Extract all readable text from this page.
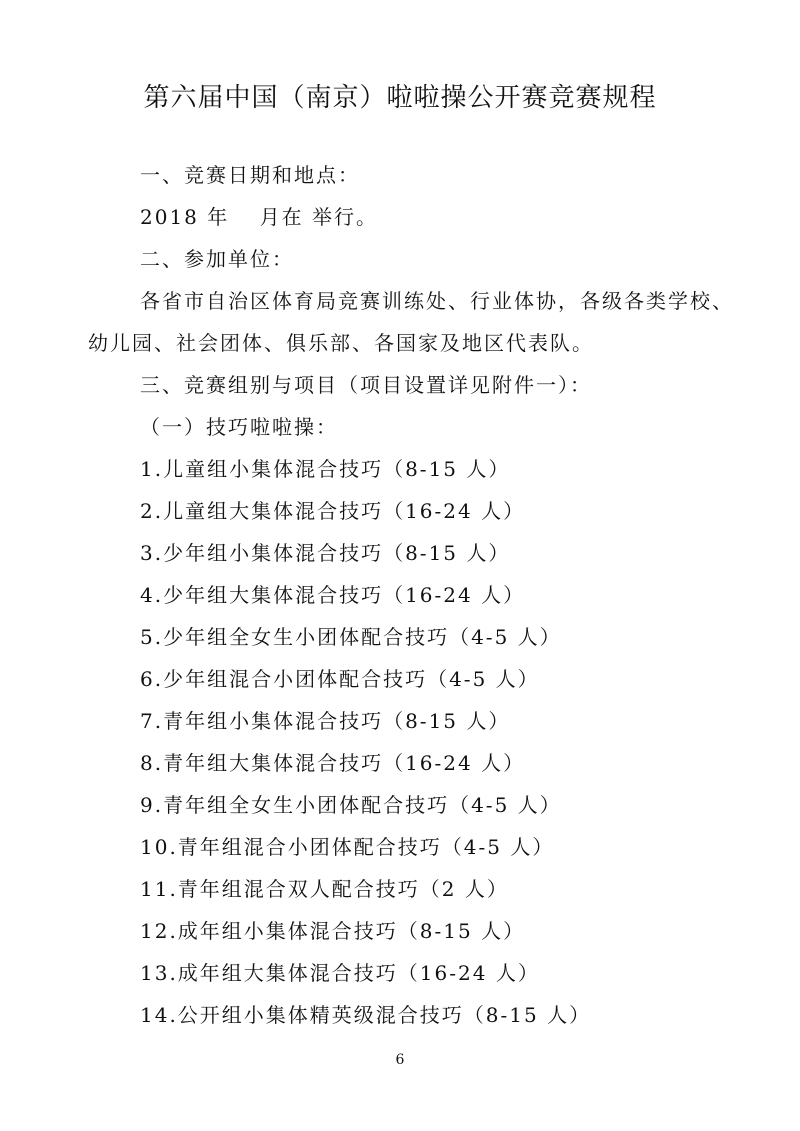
第六届中国（南京）啦啦操公开赛竞赛规程
一、竞赛日期和地点：
2018 年　 月在 举行。
二、参加单位：
各省市自治区体育局竞赛训练处、行业体协，各级各类学校、
幼儿园、社会团体、俱乐部、各国家及地区代表队。
三、竞赛组别与项目（项目设置详见附件一）：
（一）技巧啦啦操：
1.儿童组小集体混合技巧（8-15 人）
2.儿童组大集体混合技巧（16-24 人）
3.少年组小集体混合技巧（8-15 人）
4.少年组大集体混合技巧（16-24 人）
5.少年组全女生小团体配合技巧（4-5 人）
6.少年组混合小团体配合技巧（4-5 人）
7.青年组小集体混合技巧（8-15 人）
8.青年组大集体混合技巧（16-24 人）
9.青年组全女生小团体配合技巧（4-5 人）
10.青年组混合小团体配合技巧（4-5 人）
11.青年组混合双人配合技巧（2 人）
12.成年组小集体混合技巧（8-15 人）
13.成年组大集体混合技巧（16-24 人）
14.公开组小集体精英级混合技巧（8-15 人）
6
